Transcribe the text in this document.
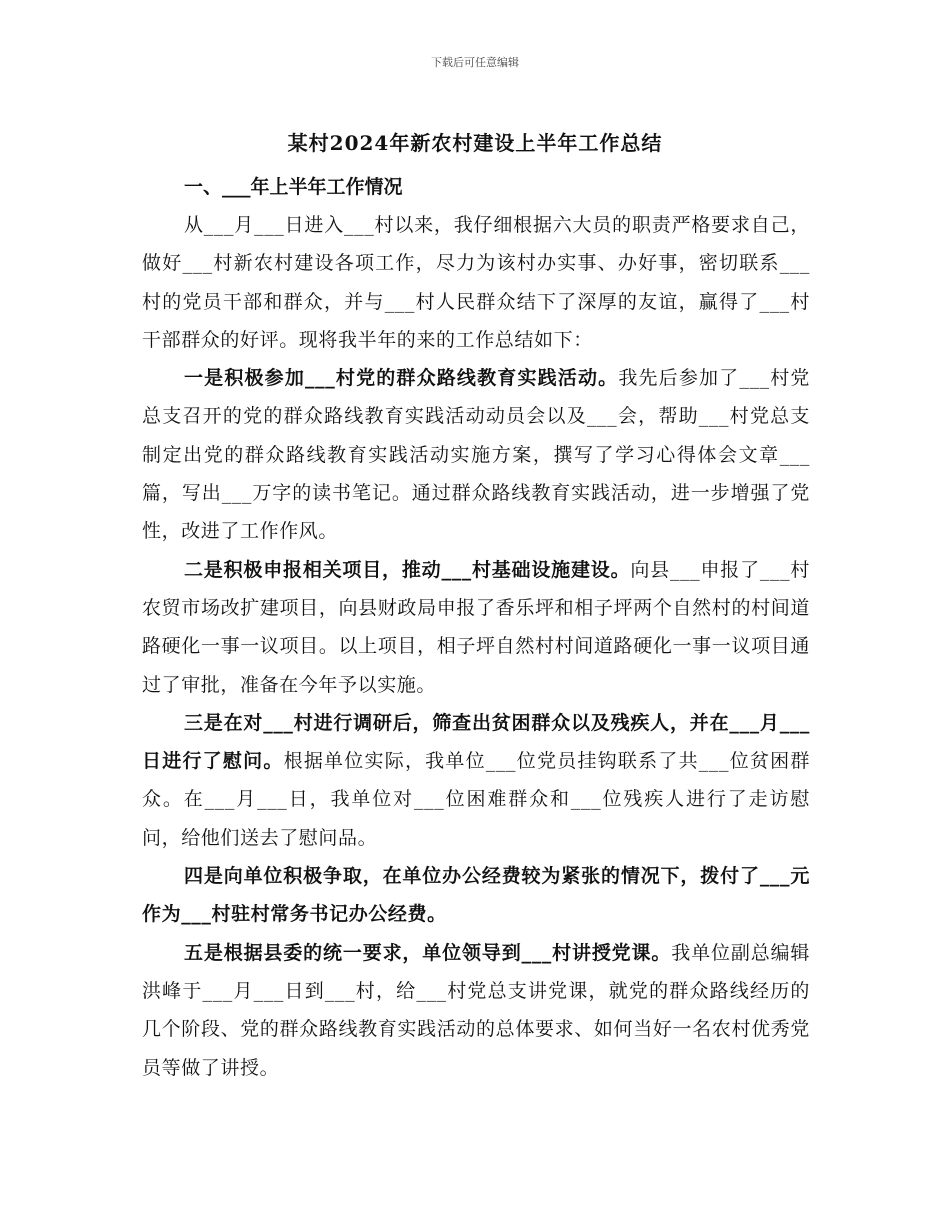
下载后可任意编辑
某村2024年新农村建设上半年工作总结
一、___年上半年工作情况

从___月___日进入___村以来，我仔细根据六大员的职责严格要求自己，做好___村新农村建设各项工作，尽力为该村办实事、办好事，密切联系___村的党员干部和群众，并与___村人民群众结下了深厚的友谊，赢得了___村干部群众的好评。现将我半年的来的工作总结如下：

一是积极参加___村党的群众路线教育实践活动。我先后参加了___村党总支召开的党的群众路线教育实践活动动员会以及___会，帮助___村党总支制定出党的群众路线教育实践活动实施方案，撰写了学习心得体会文章___篇，写出___万字的读书笔记。通过群众路线教育实践活动，进一步增强了党性，改进了工作作风。

二是积极申报相关项目，推动___村基础设施建设。向县___申报了___村农贸市场改扩建项目，向县财政局申报了香乐坪和相子坪两个自然村的村间道路硬化一事一议项目。以上项目，相子坪自然村村间道路硬化一事一议项目通过了审批，准备在今年予以实施。

三是在对___村进行调研后，筛查出贫困群众以及残疾人，并在___月___日进行了慰问。根据单位实际，我单位___位党员挂钩联系了共___位贫困群众。在___月___日，我单位对___位困难群众和___位残疾人进行了走访慰问，给他们送去了慰问品。

四是向单位积极争取，在单位办公经费较为紧张的情况下，拨付了___元作为___村驻村常务书记办公经费。

五是根据县委的统一要求，单位领导到___村讲授党课。我单位副总编辑洪峰于___月___日到___村，给___村党总支讲党课，就党的群众路线经历的几个阶段、党的群众路线教育实践活动的总体要求、如何当好一名农村优秀党员等做了讲授。
